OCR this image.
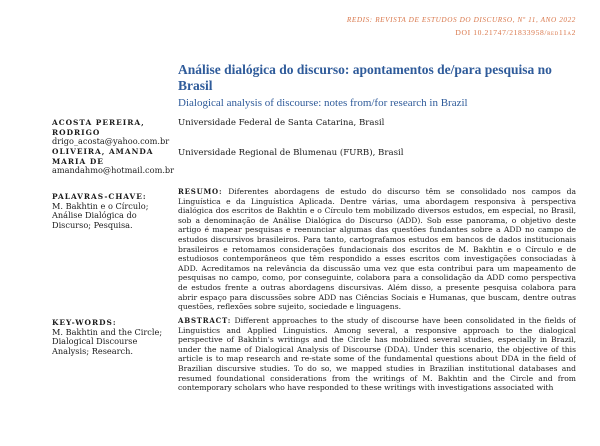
REDIS: REVISTA DE ESTUDOS DO DISCURSO, Nº 11, ANO 2022
DOI 10.21747/21833958/red11a2
Análise dialógica do discurso: apontamentos de/para pesquisa no Brasil
Dialogical analysis of discourse: notes from/for research in Brazil
ACOSTA PEREIRA, RODRIGO
drigo_acosta@yahoo.com.br
Universidade Federal de Santa Catarina, Brasil
OLIVEIRA, AMANDA MARIA DE
amandahmo@hotmail.com.br
Universidade Regional de Blumenau (FURB), Brasil
PALAVRAS-CHAVE:
M. Bakhtin e o Círculo; Análise Dialógica do Discurso; Pesquisa.
RESUMO: Diferentes abordagens de estudo do discurso têm se consolidado nos campos da Linguística e da Linguística Aplicada. Dentre várias, uma abordagem responsiva à perspectiva dialógica dos escritos de Bakhtin e o Círculo tem mobilizado diversos estudos, em especial, no Brasil, sob a denominação de Análise Dialógica do Discurso (ADD). Sob esse panorama, o objetivo deste artigo é mapear pesquisas e reenunciar algumas das questões fundantes sobre a ADD no campo de estudos discursivos brasileiros. Para tanto, cartografamos estudos em bancos de dados institucionais brasileiros e retomamos considerações fundacionais dos escritos de M. Bakhtin e o Círculo e de estudiosos contemporâneos que têm respondido a esses escritos com investigações consociadas à ADD. Acreditamos na relevância da discussão uma vez que esta contribui para um mapeamento de pesquisas no campo, como, por conseguinte, colabora para a consolidação da ADD como perspectiva de estudos frente a outras abordagens discursivas. Além disso, a presente pesquisa colabora para abrir espaço para discussões sobre ADD nas Ciências Sociais e Humanas, que buscam, dentre outras questões, reflexões sobre sujeito, sociedade e linguagens.
KEY-WORDS:
M. Bakhtin and the Circle; Dialogical Discourse Analysis; Research.
ABSTRACT: Different approaches to the study of discourse have been consolidated in the fields of Linguistics and Applied Linguistics. Among several, a responsive approach to the dialogical perspective of Bakhtin's writings and the Circle has mobilized several studies, especially in Brazil, under the name of Dialogical Analysis of Discourse (DDA). Under this scenario, the objective of this article is to map research and re-state some of the fundamental questions about DDA in the field of Brazilian discursive studies. To do so, we mapped studies in Brazilian institutional databases and resumed foundational considerations from the writings of M. Bakhtin and the Circle and from contemporary scholars who have responded to these writings with investigations associated with
